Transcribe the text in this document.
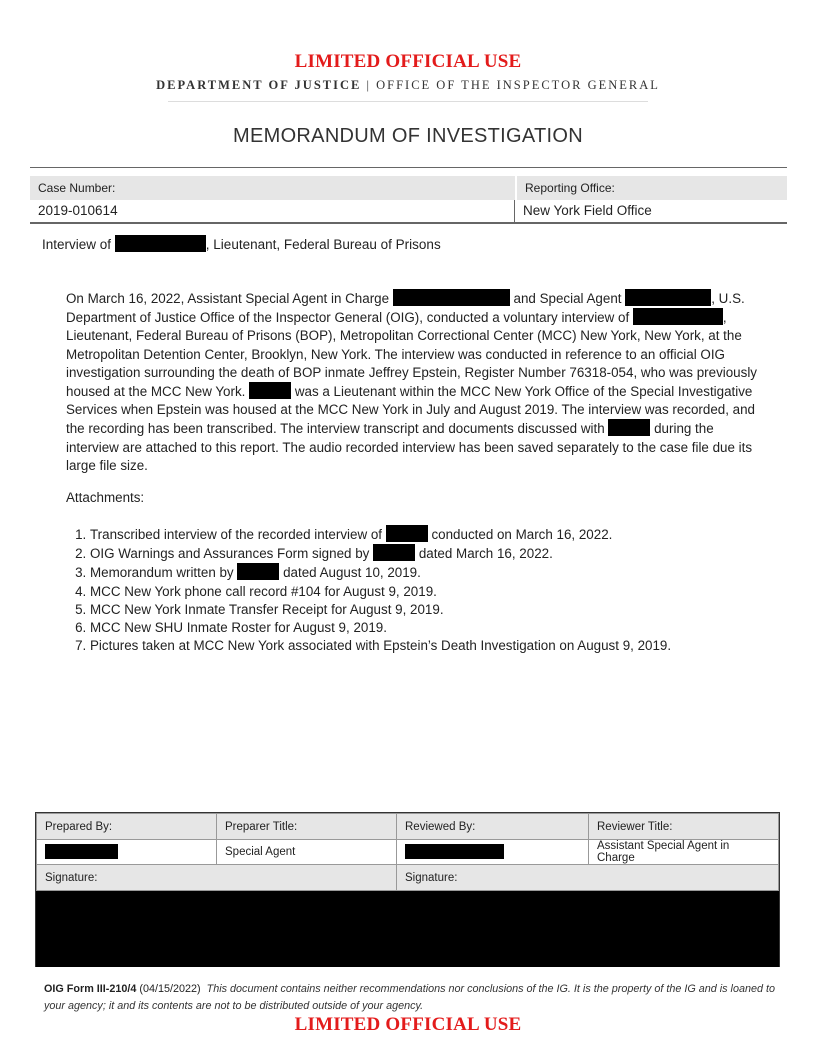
LIMITED OFFICIAL USE
DEPARTMENT OF JUSTICE | OFFICE OF THE INSPECTOR GENERAL
MEMORANDUM OF INVESTIGATION
Case Number:	Reporting Office:
2019-010614	New York Field Office
Interview of	, Lieutenant, Federal Bureau of Prisons

On March 16, 2022, Assistant Special Agent in Charge	and Special Agent	, U.S. Department of Justice Office of the Inspector General (OIG), conducted a voluntary interview of	, Lieutenant, Federal Bureau of Prisons (BOP), Metropolitan Correctional Center (MCC) New York, New York, at the Metropolitan Detention Center, Brooklyn, New York. The interview was conducted in reference to an official OIG investigation surrounding the death of BOP inmate Jeffrey Epstein, Register Number 76318-054, who was previously housed at the MCC New York.	was a Lieutenant within the MCC New York Office of the Special Investigative Services when Epstein was housed at the MCC New York in July and August 2019. The interview was recorded, and the recording has been transcribed. The interview transcript and documents discussed with	during the interview are attached to this report. The audio recorded interview has been saved separately to the case file due its large file size.

Attachments:
1. Transcribed interview of the recorded interview of	conducted on March 16, 2022.
2. OIG Warnings and Assurances Form signed by	dated March 16, 2022.
3. Memorandum written by	dated August 10, 2019.
4. MCC New York phone call record #104 for August 9, 2019.
5. MCC New York Inmate Transfer Receipt for August 9, 2019.
6. MCC New SHU Inmate Roster for August 9, 2019.
7. Pictures taken at MCC New York associated with Epstein’s Death Investigation on August 9, 2019.
Prepared By:	Preparer Title:	Reviewed By:	Reviewer Title:
	Special Agent		Assistant Special Agent in Charge
Signature:		Signature:	

OIG Form III-210/4 (04/15/2022) This document contains neither recommendations nor conclusions of the IG. It is the property of the IG and is loaned to your agency; it and its contents are not to be distributed outside of your agency.
LIMITED OFFICIAL USE
